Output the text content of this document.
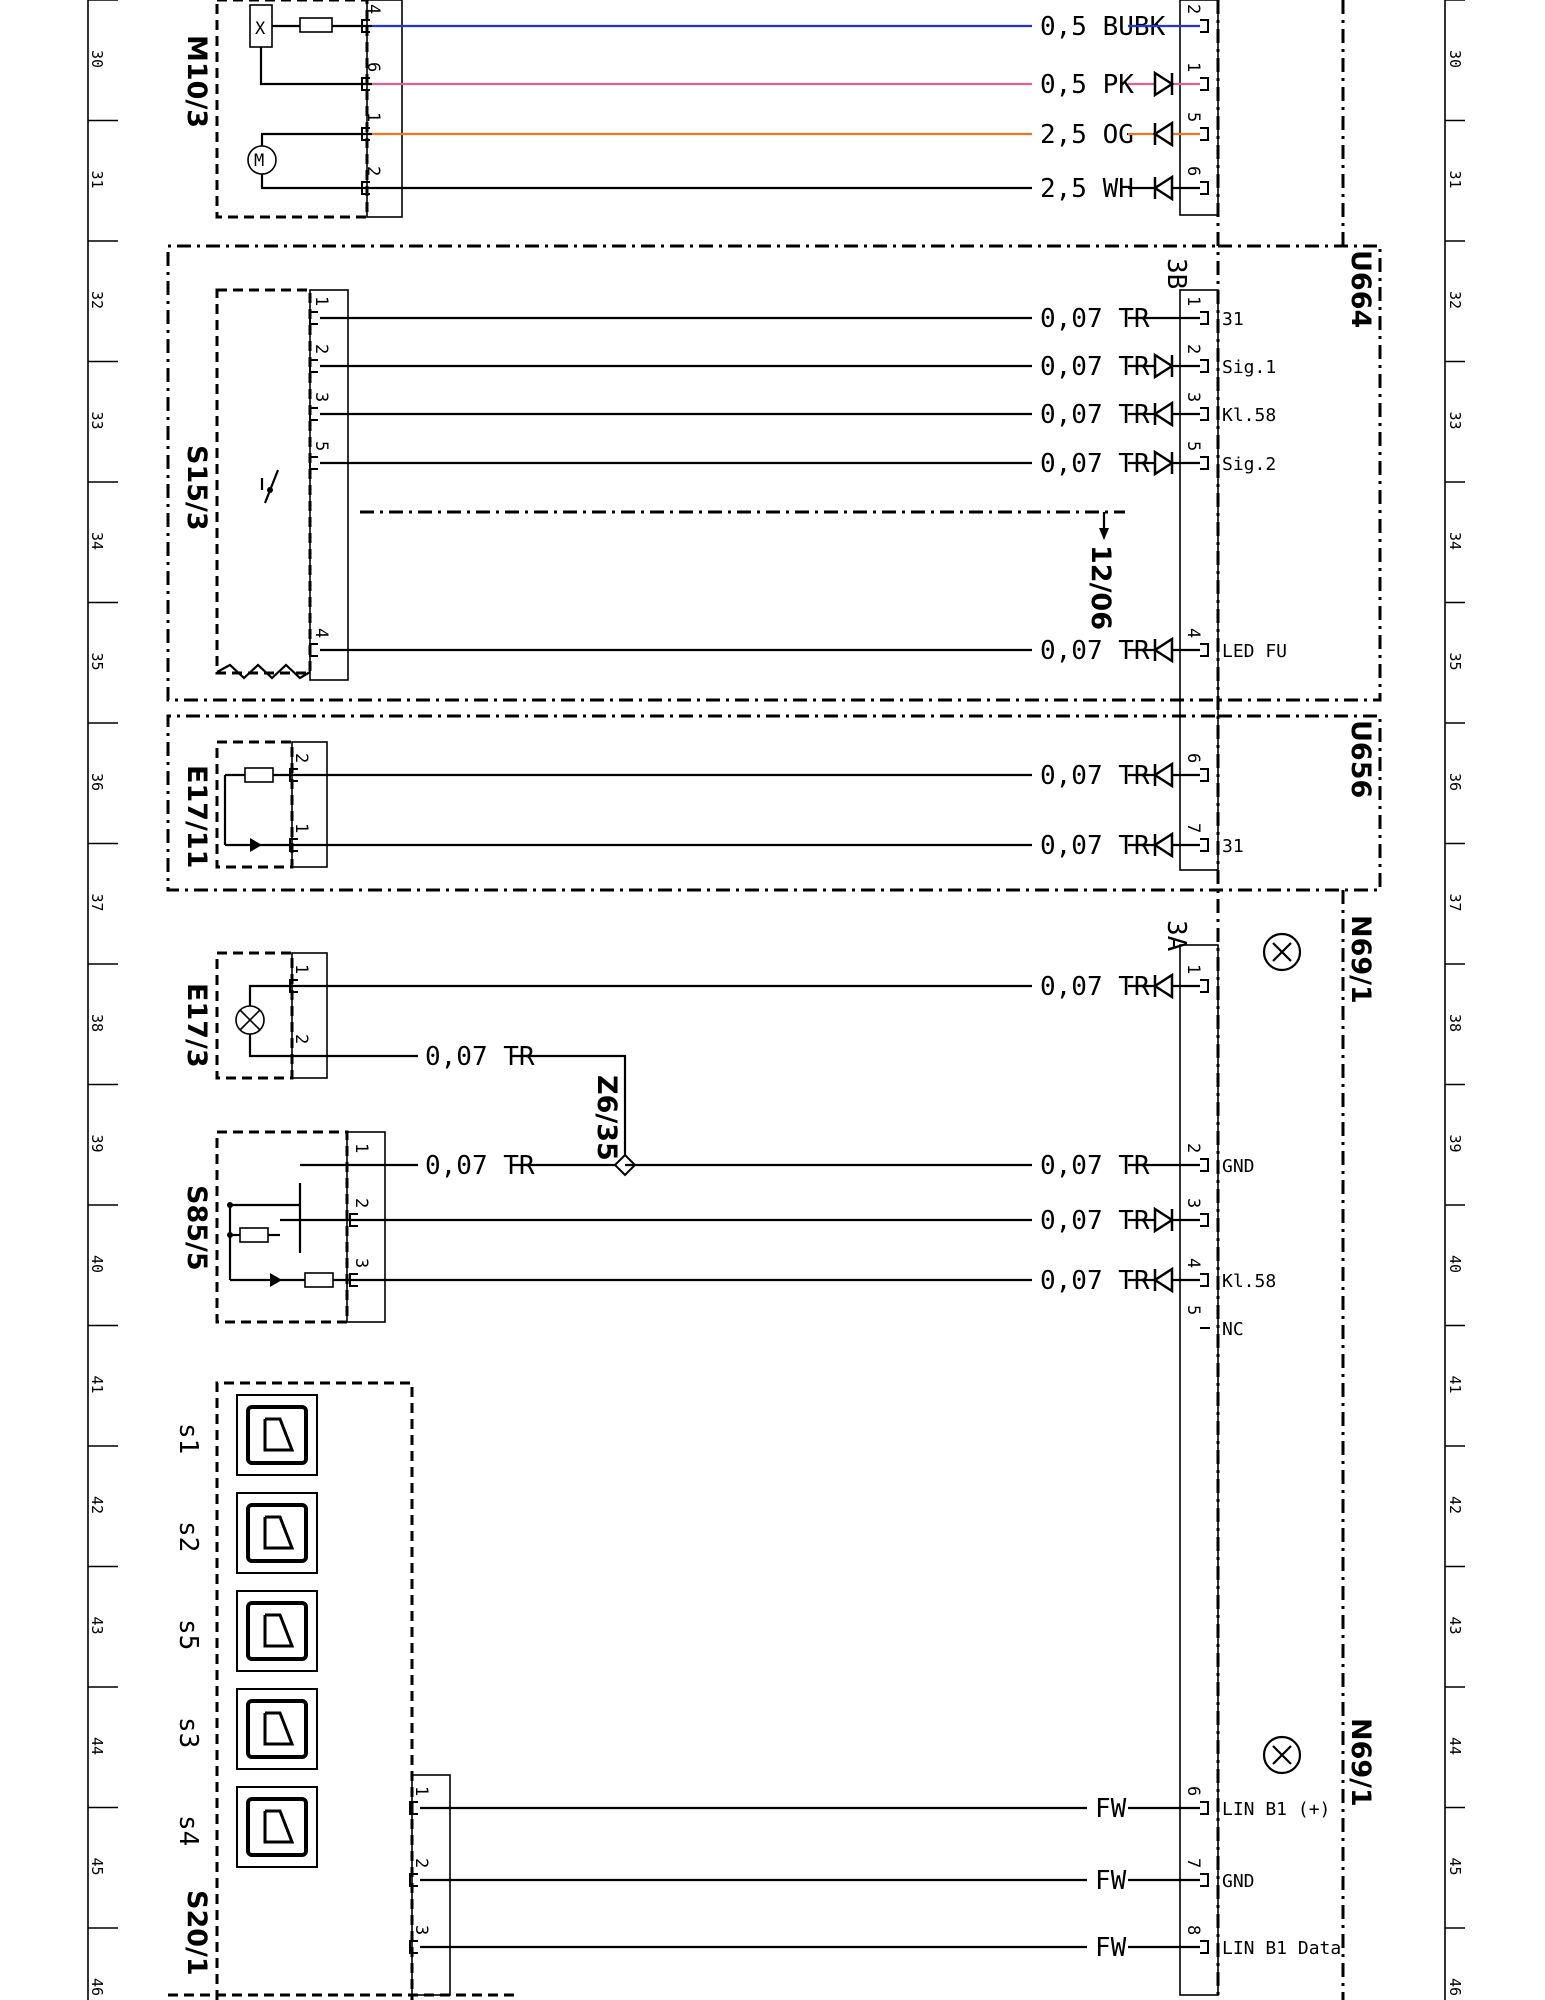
30
31
32
33
34
35
36
37
38
39
40
41
42
43
44
45
46
30
31
32
33
34
35
36
37
38
39
40
41
42
43
44
45
46
X
M
M10/3
U664
S15/3
12/06
U656
E17/11
E17/3
S85/5
Z6/35
s1
s2
s5
s3
s4
S20/1
3B
3A	N69/1
N69/1
0,5 BUBK
2
4
0,5 PK
1
6
2,5 OG
5
1
2,5 WH
6
2
0,07 TR
1
1
31
0,07 TR
2
2
Sig.1
0,07 TR
3
3
Kl.58
0,07 TR
5
5
Sig.2
0,07 TR
4
4
LED FU
0,07 TR
6
2
0,07 TR
7
1
31
0,07 TR
1
1
0,07 TR
2
GND
0,07 TR
3
2
0,07 TR
4
3
Kl.58
FW
6
1
LIN B1 (+)
FW
7
2
GND
FW
8
3
LIN B1 Data
0,07 TR
2
0,07 TR
1
5
NC
